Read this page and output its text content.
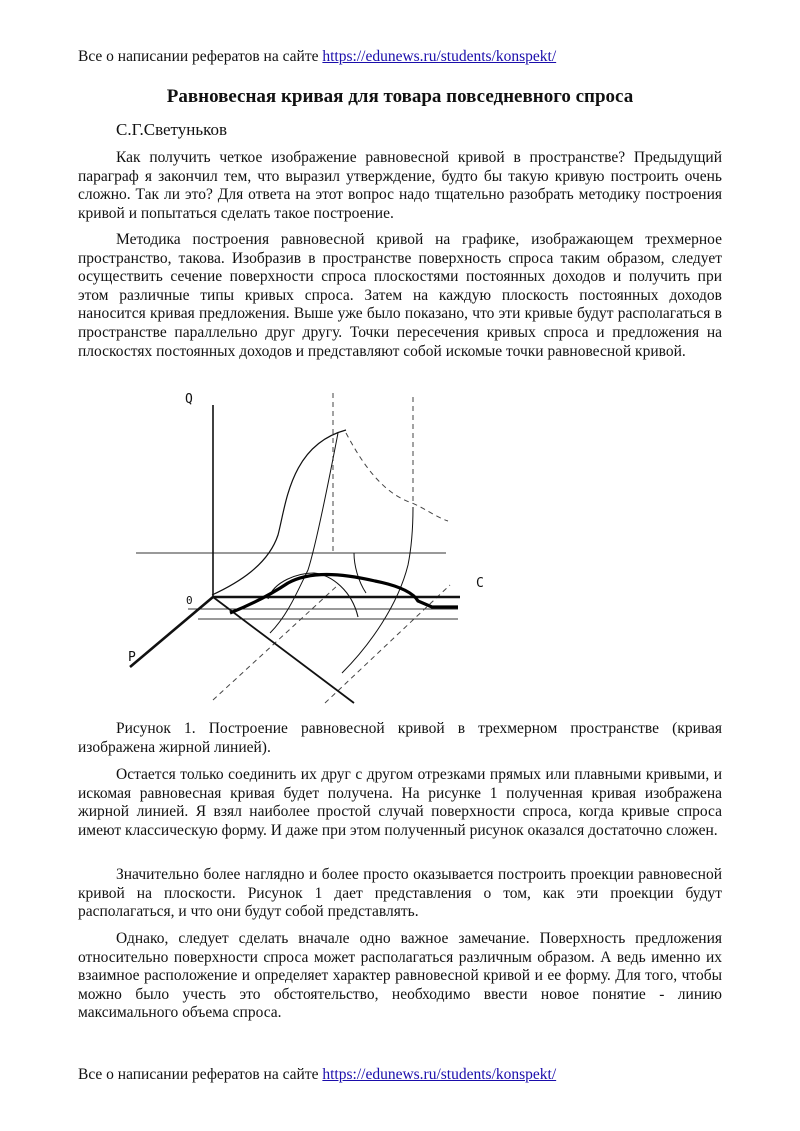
Все о написании рефератов на сайте https://edunews.ru/students/konspekt/
Равновесная кривая для товара повседневного спроса

С.Г.Светуньков

Как получить четкое изображение равновесной кривой в пространстве? Предыдущий параграф я закончил тем, что выразил утверждение, будто бы такую кривую построить очень сложно. Так ли это? Для ответа на этот вопрос надо тщательно разобрать методику построения кривой и попытаться сделать такое построение.

Методика построения равновесной кривой на графике, изображающем трехмерное пространство, такова. Изобразив в пространстве поверхность спроса таким образом, следует осуществить сечение поверхности спроса плоскостями постоянных доходов и получить при этом различные типы кривых спроса. Затем на каждую плоскость постоянных доходов наносится кривая предложения. Выше уже было показано, что эти кривые будут располагаться в пространстве параллельно друг другу. Точки пересечения кривых спроса и предложения на плоскостях постоянных доходов и представляют собой искомые точки равновесной кривой.

Q
C
P
0

Рисунок 1. Построение равновесной кривой в трехмерном пространстве (кривая изображена жирной линией).

Остается только соединить их друг с другом отрезками прямых или плавными кривыми, и искомая равновесная кривая будет получена. На рисунке 1 полученная кривая изображена жирной линией. Я взял наиболее простой случай поверхности спроса, когда кривые спроса имеют классическую форму. И даже при этом полученный рисунок оказался достаточно сложен.

Значительно более наглядно и более просто оказывается построить проекции равновесной кривой на плоскости. Рисунок 1 дает представления о том, как эти проекции будут располагаться, и что они будут собой представлять.

Однако, следует сделать вначале одно важное замечание. Поверхность предложения относительно поверхности спроса может располагаться различным образом. А ведь именно их взаимное расположение и определяет характер равновесной кривой и ее форму. Для того, чтобы можно было учесть это обстоятельство, необходимо ввести новое понятие - линию максимального объема спроса.

Все о написании рефератов на сайте https://edunews.ru/students/konspekt/
